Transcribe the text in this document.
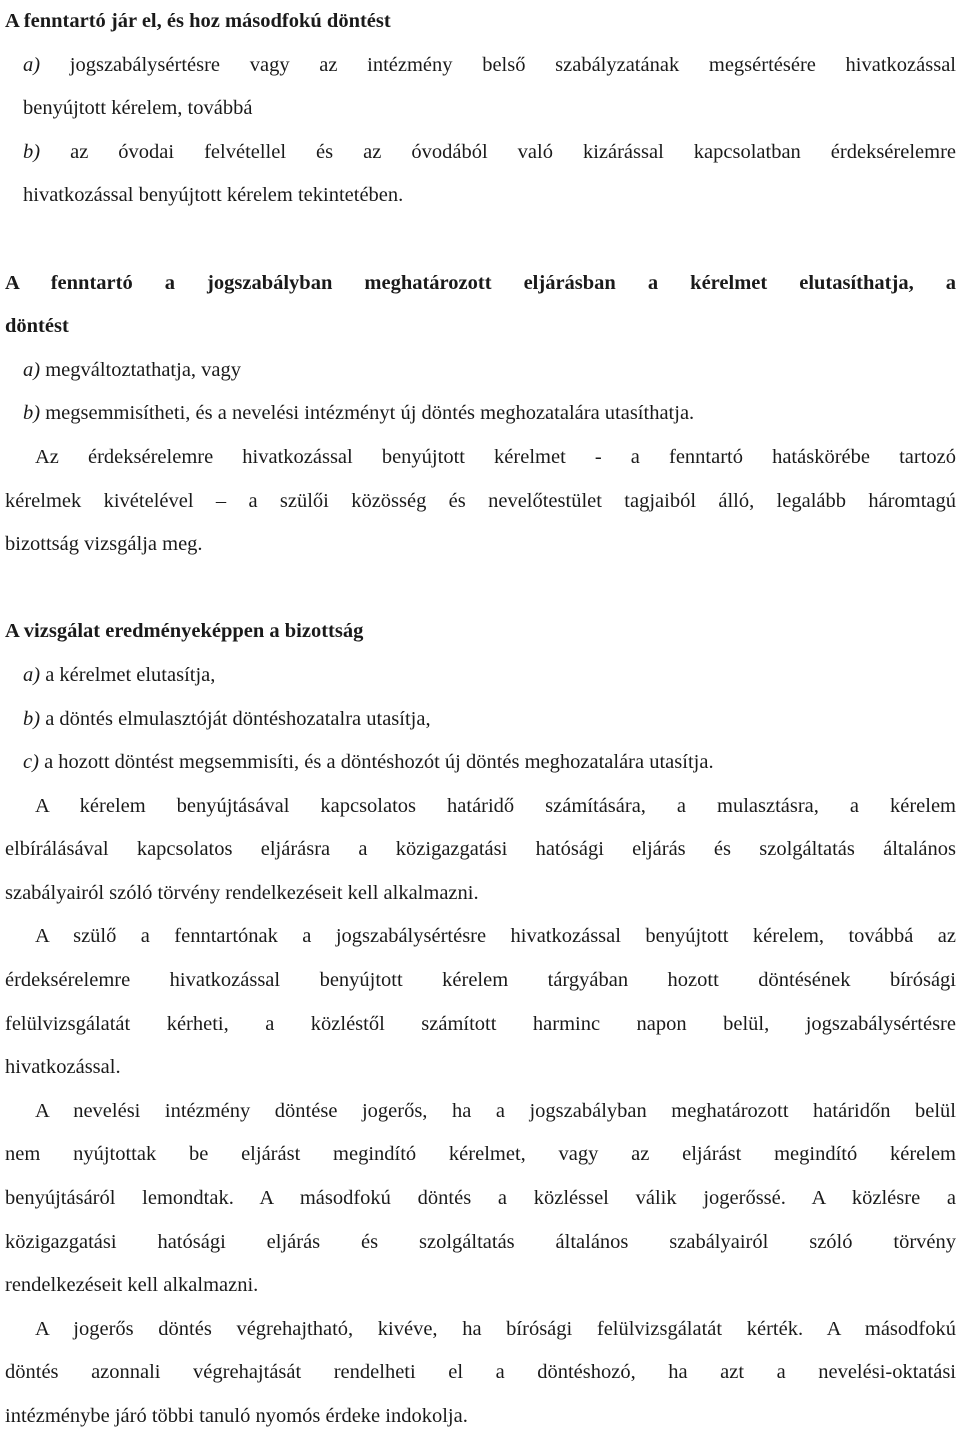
A fenntartó jár el, és hoz másodfokú döntést
a) jogszabálysértésre vagy az intézmény belső szabályzatának megsértésére hivatkozással
benyújtott kérelem, továbbá
b) az óvodai felvétellel és az óvodából való kizárással kapcsolatban érdeksérelemre
hivatkozással benyújtott kérelem tekintetében.
A fenntartó a jogszabályban meghatározott eljárásban a kérelmet elutasíthatja, a
döntést
a) megváltoztathatja, vagy
b) megsemmisítheti, és a nevelési intézményt új döntés meghozatalára utasíthatja.
Az érdeksérelemre hivatkozással benyújtott kérelmet - a fenntartó hatáskörébe tartozó
kérelmek kivételével – a szülői közösség és nevelőtestület tagjaiból álló, legalább háromtagú
bizottság vizsgálja meg.
A vizsgálat eredményeképpen a bizottság
a) a kérelmet elutasítja,
b) a döntés elmulasztóját döntéshozatalra utasítja,
c) a hozott döntést megsemmisíti, és a döntéshozót új döntés meghozatalára utasítja.
A kérelem benyújtásával kapcsolatos határidő számítására, a mulasztásra, a kérelem
elbírálásával kapcsolatos eljárásra a közigazgatási hatósági eljárás és szolgáltatás általános
szabályairól szóló törvény rendelkezéseit kell alkalmazni.
A szülő a fenntartónak a jogszabálysértésre hivatkozással benyújtott kérelem, továbbá az
érdeksérelemre hivatkozással benyújtott kérelem tárgyában hozott döntésének bírósági
felülvizsgálatát kérheti, a közléstől számított harminc napon belül, jogszabálysértésre
hivatkozással.
A nevelési intézmény döntése jogerős, ha a jogszabályban meghatározott határidőn belül
nem nyújtottak be eljárást megindító kérelmet, vagy az eljárást megindító kérelem
benyújtásáról lemondtak. A másodfokú döntés a közléssel válik jogerőssé. A közlésre a
közigazgatási hatósági eljárás és szolgáltatás általános szabályairól szóló törvény
rendelkezéseit kell alkalmazni.
A jogerős döntés végrehajtható, kivéve, ha bírósági felülvizsgálatát kérték. A másodfokú
döntés azonnali végrehajtását rendelheti el a döntéshozó, ha azt a nevelési-oktatási
intézménybe járó többi tanuló nyomós érdeke indokolja.
